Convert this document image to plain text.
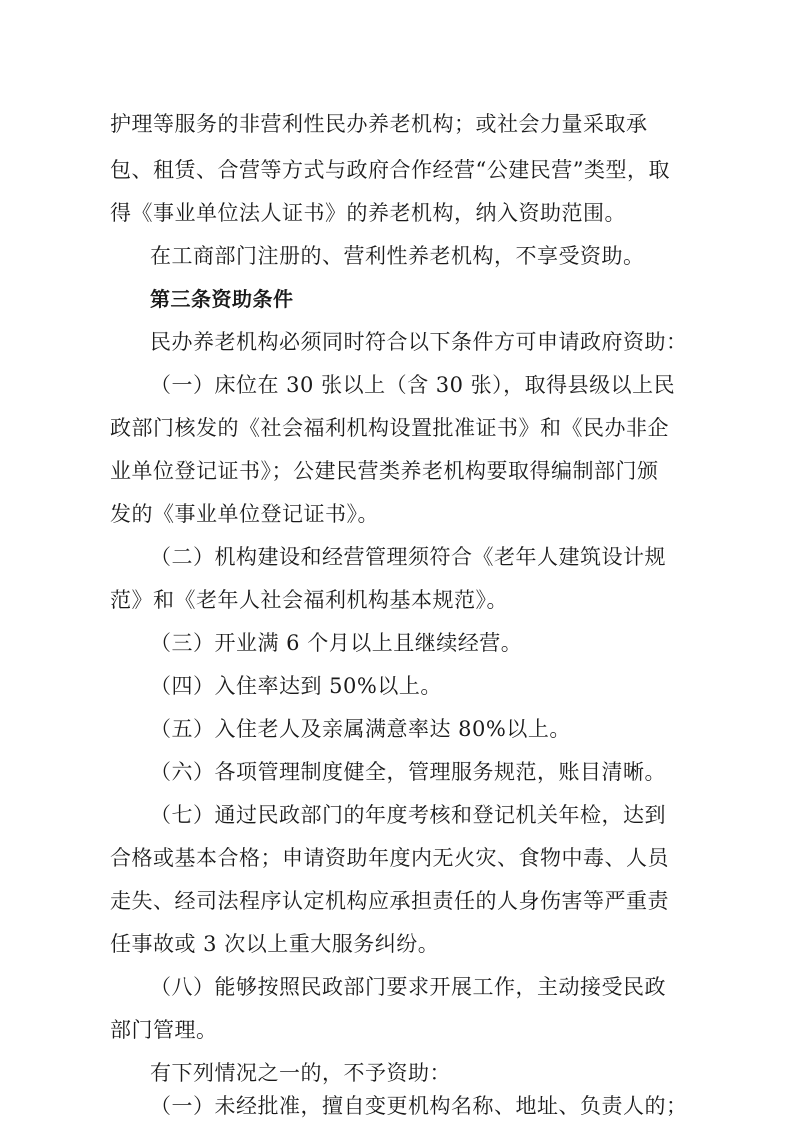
护理等服务的非营利性民办养老机构；或社会力量采取承
包、租赁、合营等方式与政府合作经营“公建民营”类型，取
得《事业单位法人证书》的养老机构，纳入资助范围。
在工商部门注册的、营利性养老机构，不享受资助。
第三条资助条件
民办养老机构必须同时符合以下条件方可申请政府资助：
（一）床位在 30 张以上（含 30 张），取得县级以上民
政部门核发的《社会福利机构设置批准证书》和《民办非企
业单位登记证书》；公建民营类养老机构要取得编制部门颁
发的《事业单位登记证书》。
（二）机构建设和经营管理须符合《老年人建筑设计规
范》和《老年人社会福利机构基本规范》。
（三）开业满 6 个月以上且继续经营。
（四）入住率达到 50%以上。
（五）入住老人及亲属满意率达 80%以上。
（六）各项管理制度健全，管理服务规范，账目清晰。
（七）通过民政部门的年度考核和登记机关年检，达到
合格或基本合格；申请资助年度内无火灾、食物中毒、人员
走失、经司法程序认定机构应承担责任的人身伤害等严重责
任事故或 3 次以上重大服务纠纷。
（八）能够按照民政部门要求开展工作，主动接受民政
部门管理。
有下列情况之一的，不予资助：
（一）未经批准，擅自变更机构名称、地址、负责人的；
